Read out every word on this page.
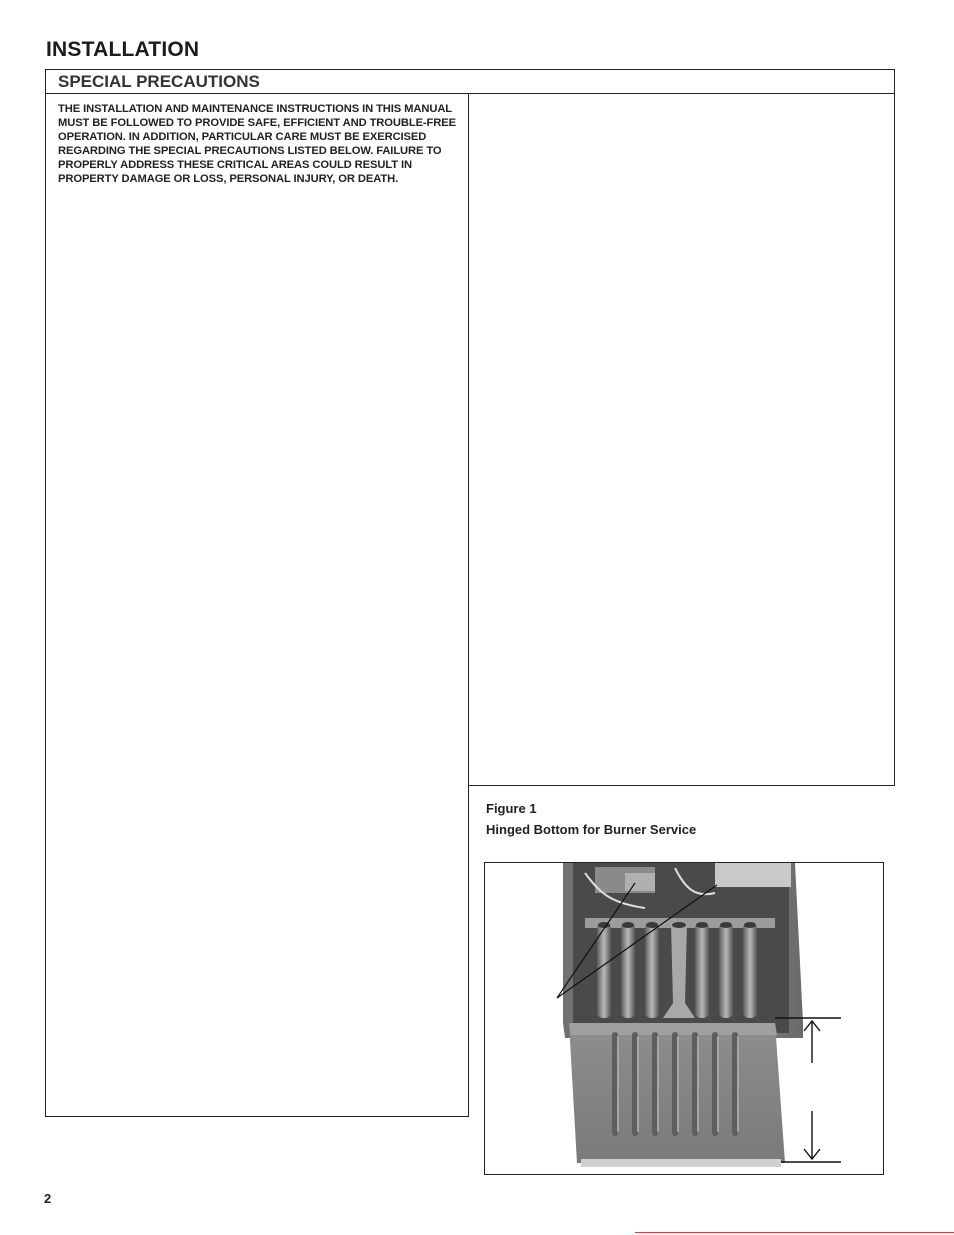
INSTALLATION
SPECIAL PRECAUTIONS
THE INSTALLATION AND MAINTENANCE INSTRUCTIONS IN THIS MANUAL MUST BE FOLLOWED TO PROVIDE SAFE, EFFICIENT AND TROUBLE-FREE OPERATION. IN ADDITION, PARTICULAR CARE MUST BE EXERCISED REGARDING THE SPECIAL PRECAUTIONS LISTED BELOW. FAILURE TO PROPERLY ADDRESS THESE CRITICAL AREAS COULD RESULT IN PROPERTY DAMAGE OR LOSS, PERSONAL INJURY, OR DEATH.
Figure 1
Hinged Bottom for Burner Service
2
